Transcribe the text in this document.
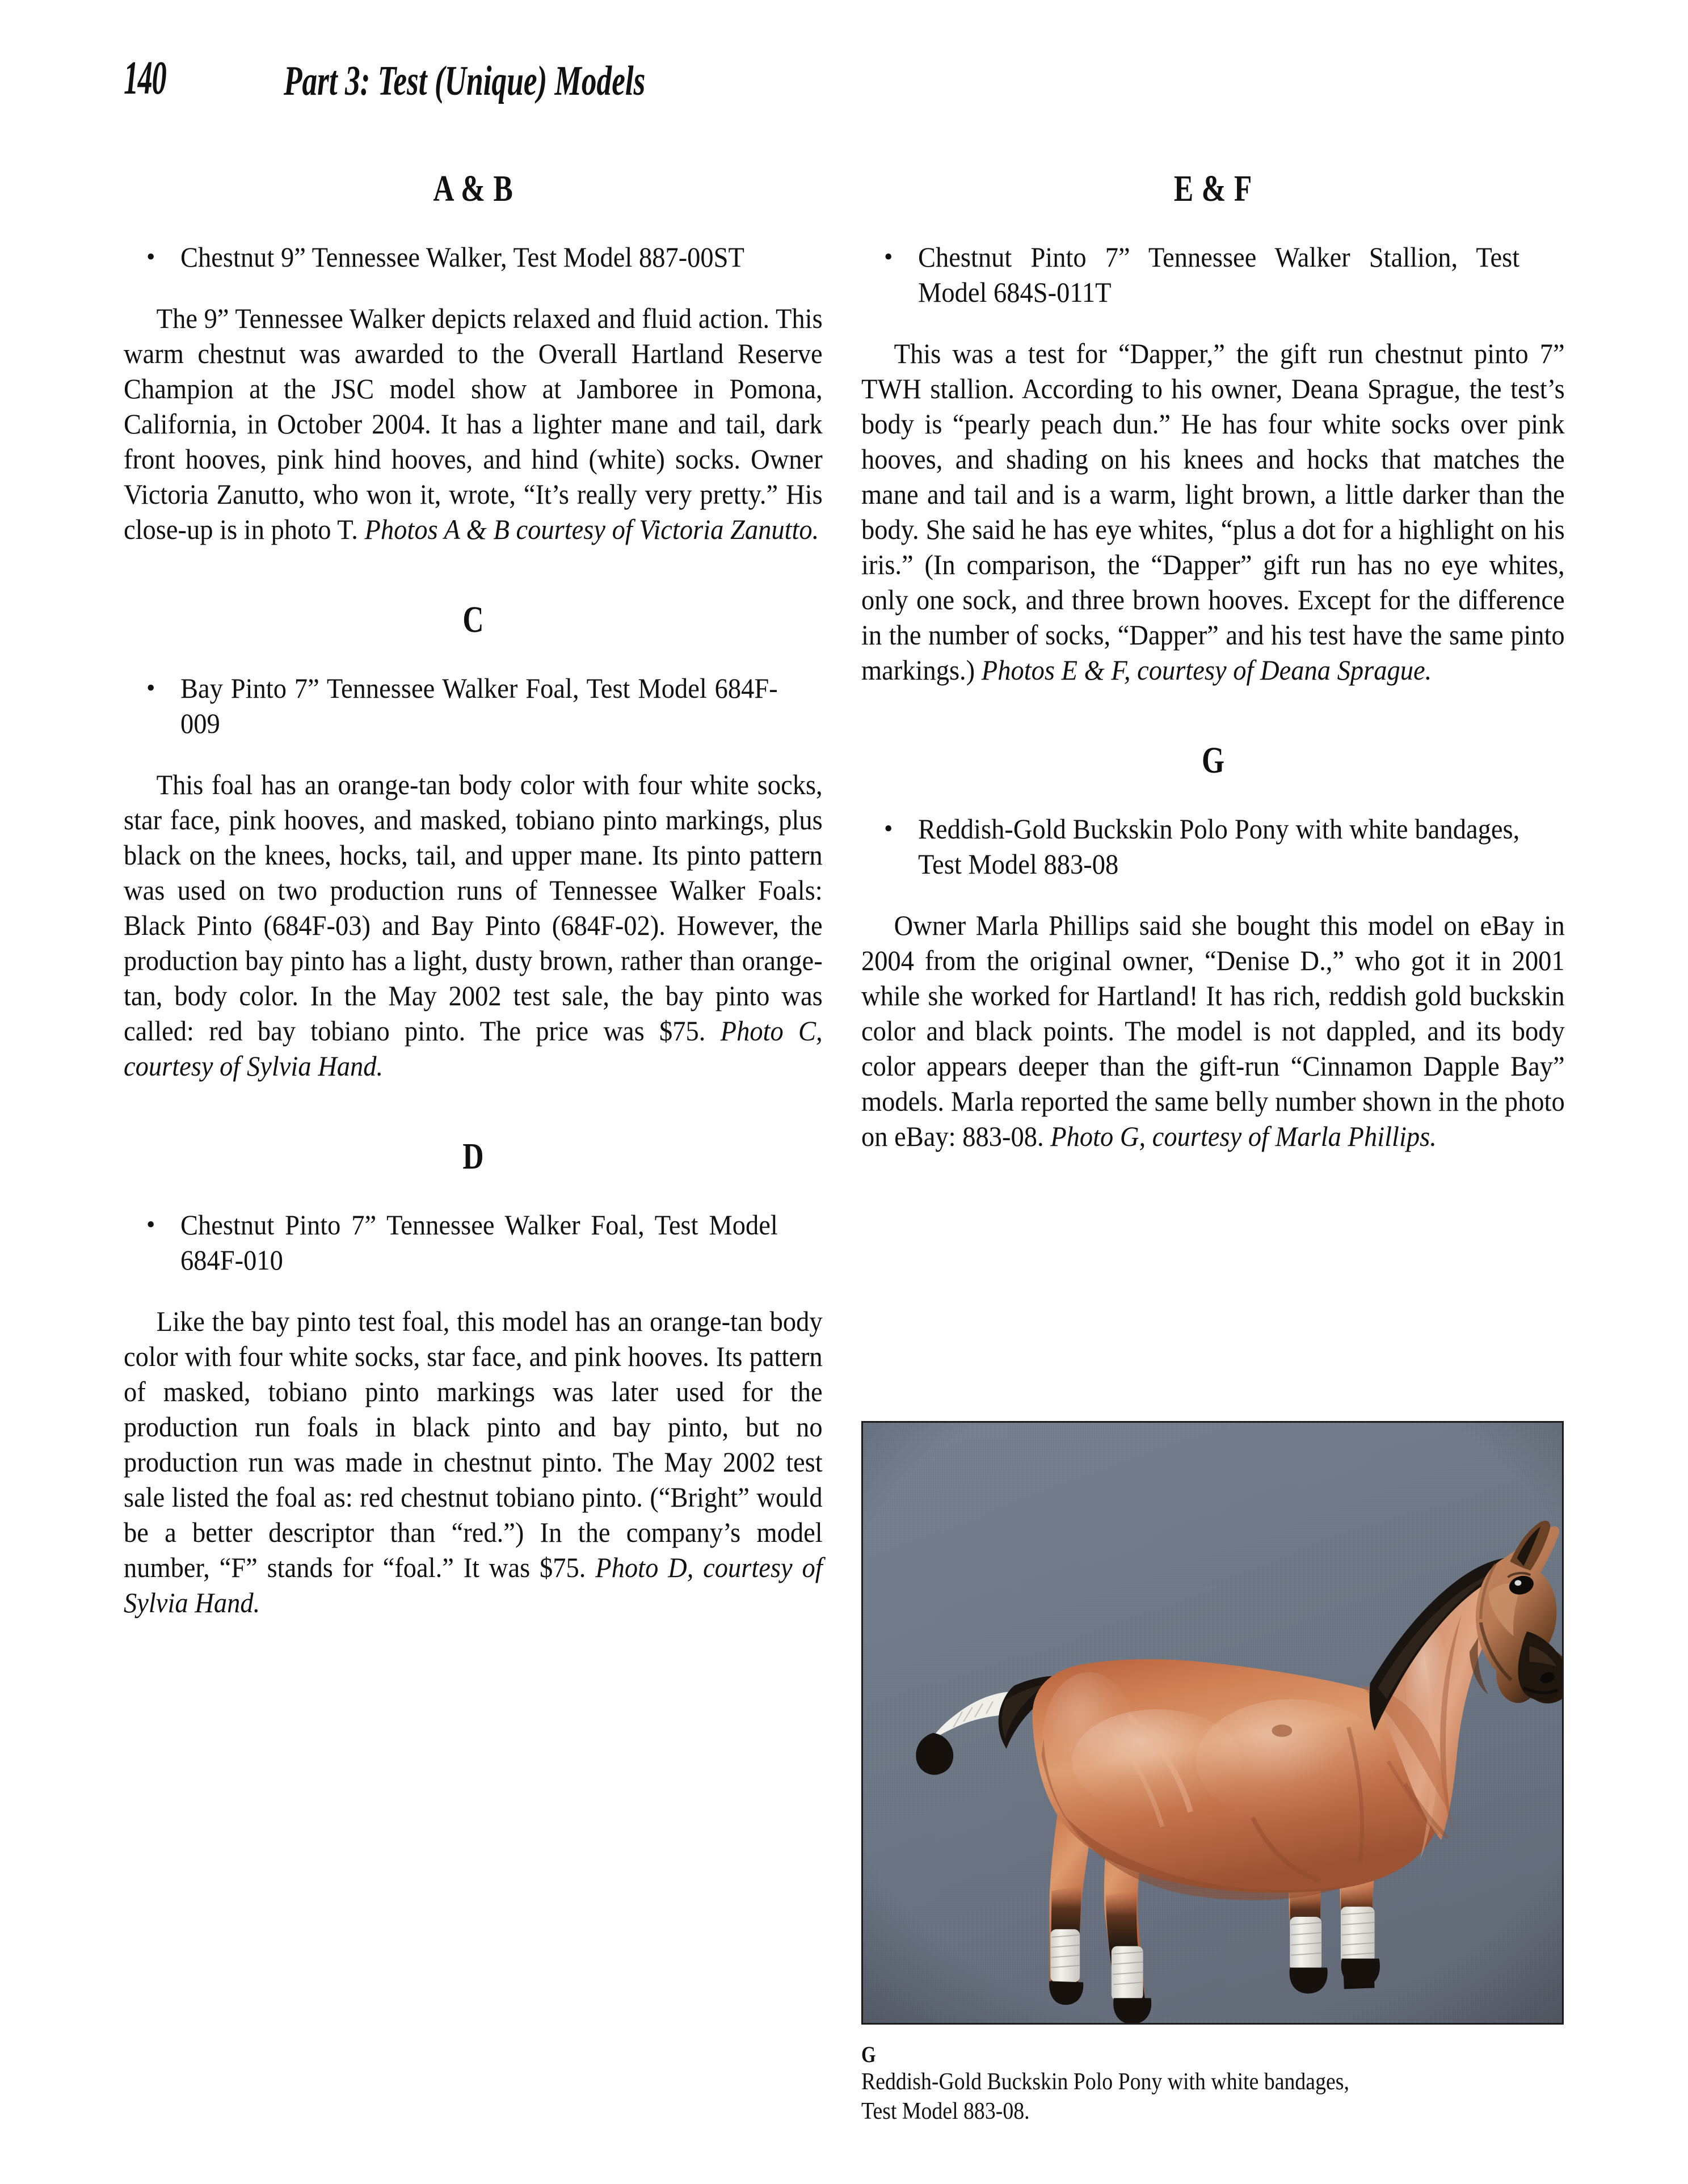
140	Part 3: Test (Unique) Models
A & B
• Chestnut 9” Tennessee Walker, Test Model 887-00ST

The 9” Tennessee Walker depicts relaxed and fluid action. This warm chestnut was awarded to the Overall Hartland Reserve Champion at the JSC model show at Jamboree in Pomona, California, in October 2004. It has a lighter mane and tail, dark front hooves, pink hind hooves, and hind (white) socks. Owner Victoria Zanutto, who won it, wrote, “It’s really very pretty.” His close-up is in photo T. Photos A & B courtesy of Victoria Zanutto.

C
• Bay Pinto 7” Tennessee Walker Foal, Test Model 684F-009

This foal has an orange-tan body color with four white socks, star face, pink hooves, and masked, tobiano pinto markings, plus black on the knees, hocks, tail, and upper mane. Its pinto pattern was used on two production runs of Tennessee Walker Foals: Black Pinto (684F-03) and Bay Pinto (684F-02). However, the production bay pinto has a light, dusty brown, rather than orange-tan, body color. In the May 2002 test sale, the bay pinto was called: red bay tobiano pinto. The price was $75. Photo C, courtesy of Sylvia Hand.

D
• Chestnut Pinto 7” Tennessee Walker Foal, Test Model 684F-010

Like the bay pinto test foal, this model has an orange-tan body color with four white socks, star face, and pink hooves. Its pattern of masked, tobiano pinto markings was later used for the production run foals in black pinto and bay pinto, but no production run was made in chestnut pinto. The May 2002 test sale listed the foal as: red chestnut tobiano pinto. (“Bright” would be a better descriptor than “red.”) In the company’s model number, “F” stands for “foal.” It was $75. Photo D, courtesy of Sylvia Hand.

E & F
• Chestnut Pinto 7” Tennessee Walker Stallion, Test Model 684S-011T

This was a test for “Dapper,” the gift run chestnut pinto 7” TWH stallion. According to his owner, Deana Sprague, the test’s body is “pearly peach dun.” He has four white socks over pink hooves, and shading on his knees and hocks that matches the mane and tail and is a warm, light brown, a little darker than the body. She said he has eye whites, “plus a dot for a highlight on his iris.” (In comparison, the “Dapper” gift run has no eye whites, only one sock, and three brown hooves. Except for the difference in the number of socks, “Dapper” and his test have the same pinto markings.) Photos E & F, courtesy of Deana Sprague.

G
• Reddish-Gold Buckskin Polo Pony with white bandages, Test Model 883-08

Owner Marla Phillips said she bought this model on eBay in 2004 from the original owner, “Denise D.,” who got it in 2001 while she worked for Hartland! It has rich, reddish gold buckskin color and black points. The model is not dappled, and its body color appears deeper than the gift-run “Cinnamon Dapple Bay” models. Marla reported the same belly number shown in the photo on eBay: 883-08. Photo G, courtesy of Marla Phillips.

G
Reddish-Gold Buckskin Polo Pony with white bandages,
Test Model 883-08.
